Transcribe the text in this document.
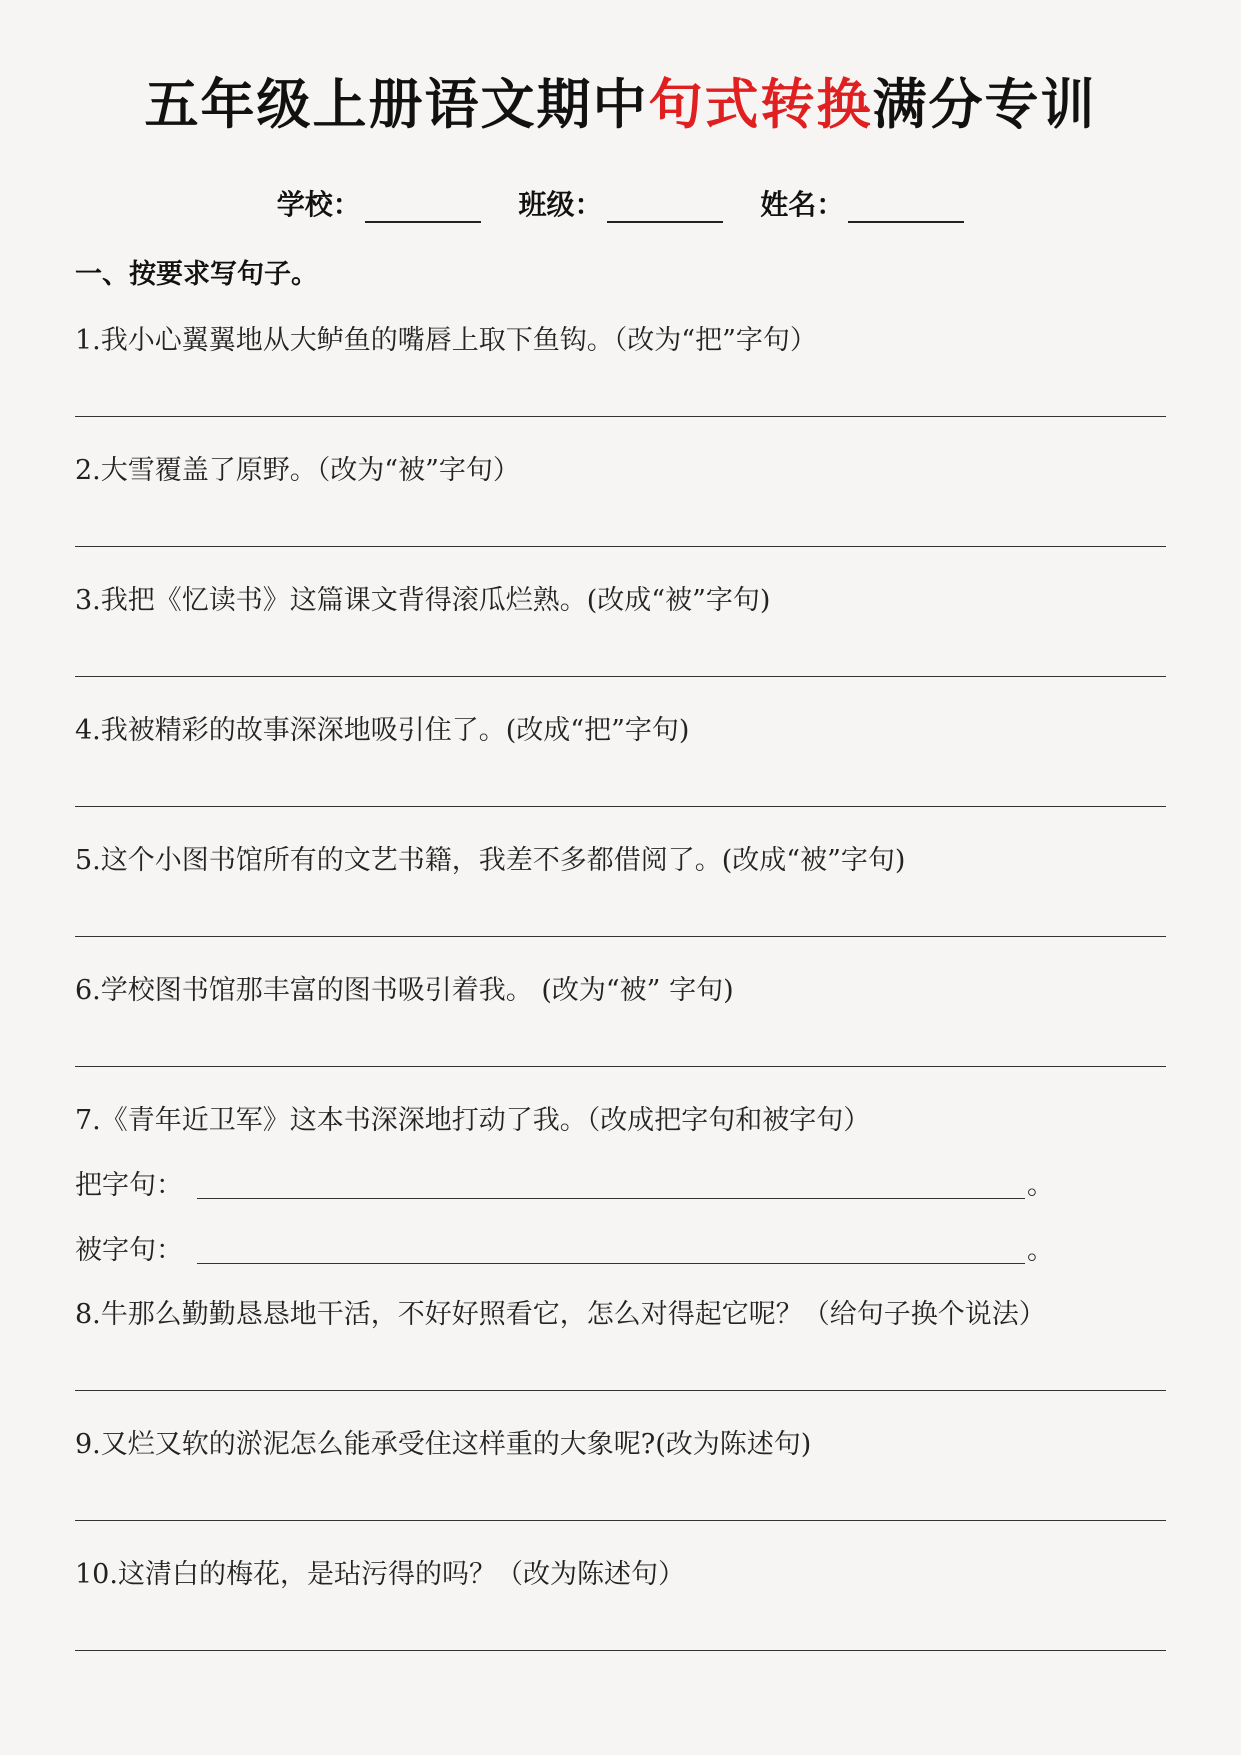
五年级上册语文期中句式转换满分专训
学校：	班级：	姓名：
一、按要求写句子。
1.我小心翼翼地从大鲈鱼的嘴唇上取下鱼钩。（改为“把”字句）
2.大雪覆盖了原野。（改为“被”字句）
3.我把《忆读书》这篇课文背得滚瓜烂熟。(改成“被”字句)
4.我被精彩的故事深深地吸引住了。(改成“把”字句)
5.这个小图书馆所有的文艺书籍，我差不多都借阅了。(改成“被”字句)
6.学校图书馆那丰富的图书吸引着我。 (改为“被” 字句)
7.《青年近卫军》这本书深深地打动了我。（改成把字句和被字句）
把字句：	。
被字句：	。
8.牛那么勤勤恳恳地干活，不好好照看它，怎么对得起它呢？（给句子换个说法）
9.又烂又软的淤泥怎么能承受住这样重的大象呢?(改为陈述句)
10.这清白的梅花，是玷污得的吗？（改为陈述句）
